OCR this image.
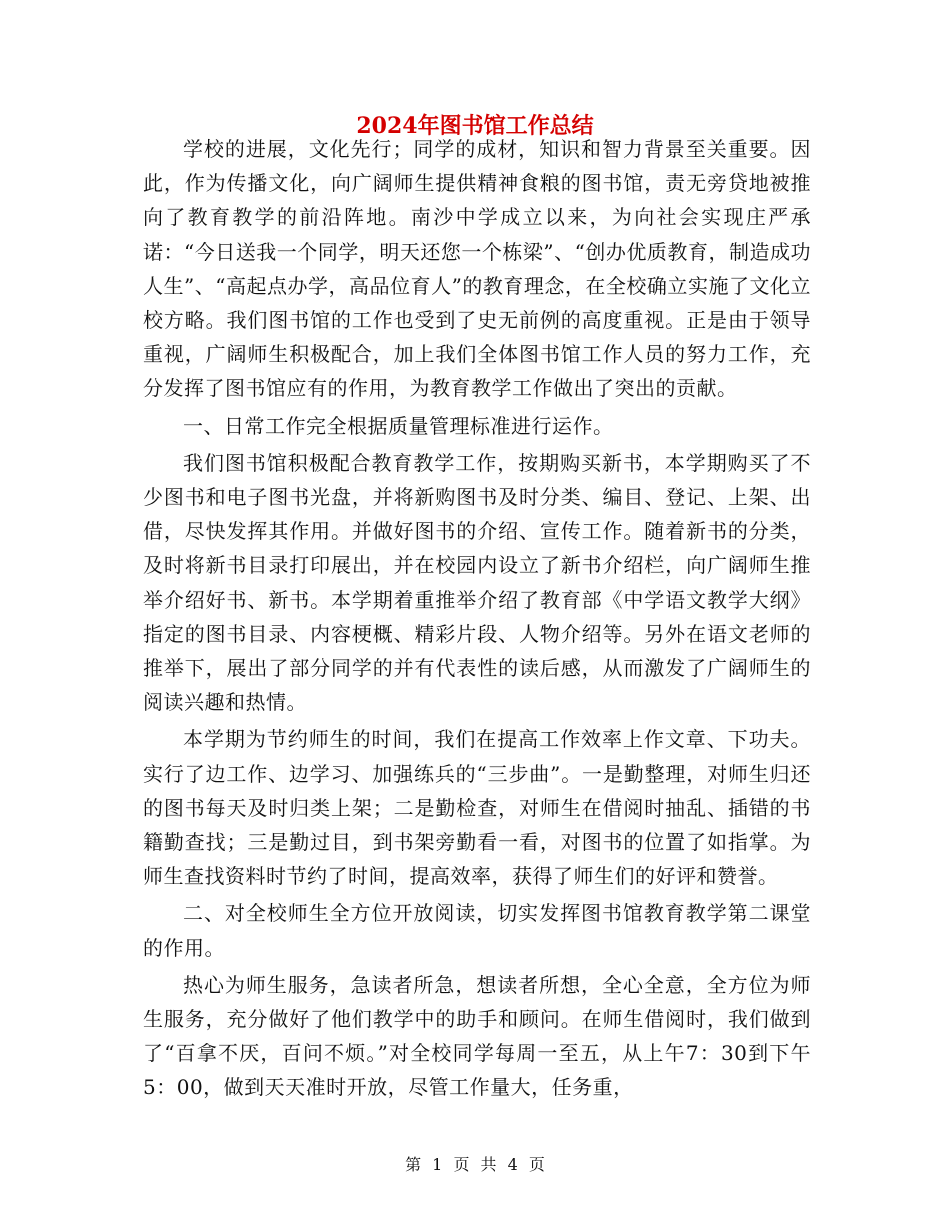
2024年图书馆工作总结

学校的进展，文化先行；同学的成材，知识和智力背景至关重要。因此，作为传播文化，向广阔师生提供精神食粮的图书馆，责无旁贷地被推向了教育教学的前沿阵地。南沙中学成立以来，为向社会实现庄严承诺：“今日送我一个同学，明天还您一个栋梁”、“创办优质教育，制造成功人生”、“高起点办学，高品位育人”的教育理念，在全校确立实施了文化立校方略。我们图书馆的工作也受到了史无前例的高度重视。正是由于领导重视，广阔师生积极配合，加上我们全体图书馆工作人员的努力工作，充分发挥了图书馆应有的作用，为教育教学工作做出了突出的贡献。

一、日常工作完全根据质量管理标准进行运作。

我们图书馆积极配合教育教学工作，按期购买新书，本学期购买了不少图书和电子图书光盘，并将新购图书及时分类、编目、登记、上架、出借，尽快发挥其作用。并做好图书的介绍、宣传工作。随着新书的分类，及时将新书目录打印展出，并在校园内设立了新书介绍栏，向广阔师生推举介绍好书、新书。本学期着重推举介绍了教育部《中学语文教学大纲》指定的图书目录、内容梗概、精彩片段、人物介绍等。另外在语文老师的推举下，展出了部分同学的并有代表性的读后感，从而激发了广阔师生的阅读兴趣和热情。

本学期为节约师生的时间，我们在提高工作效率上作文章、下功夫。实行了边工作、边学习、加强练兵的“三步曲”。一是勤整理，对师生归还的图书每天及时归类上架；二是勤检查，对师生在借阅时抽乱、插错的书籍勤查找；三是勤过目，到书架旁勤看一看，对图书的位置了如指掌。为师生查找资料时节约了时间，提高效率，获得了师生们的好评和赞誉。

二、对全校师生全方位开放阅读，切实发挥图书馆教育教学第二课堂的作用。

热心为师生服务，急读者所急，想读者所想，全心全意，全方位为师生服务，充分做好了他们教学中的助手和顾问。在师生借阅时，我们做到了“百拿不厌，百问不烦。”对全校同学每周一至五，从上午7：30到下午5：00，做到天天准时开放，尽管工作量大，任务重，

第 1 页 共 4 页
